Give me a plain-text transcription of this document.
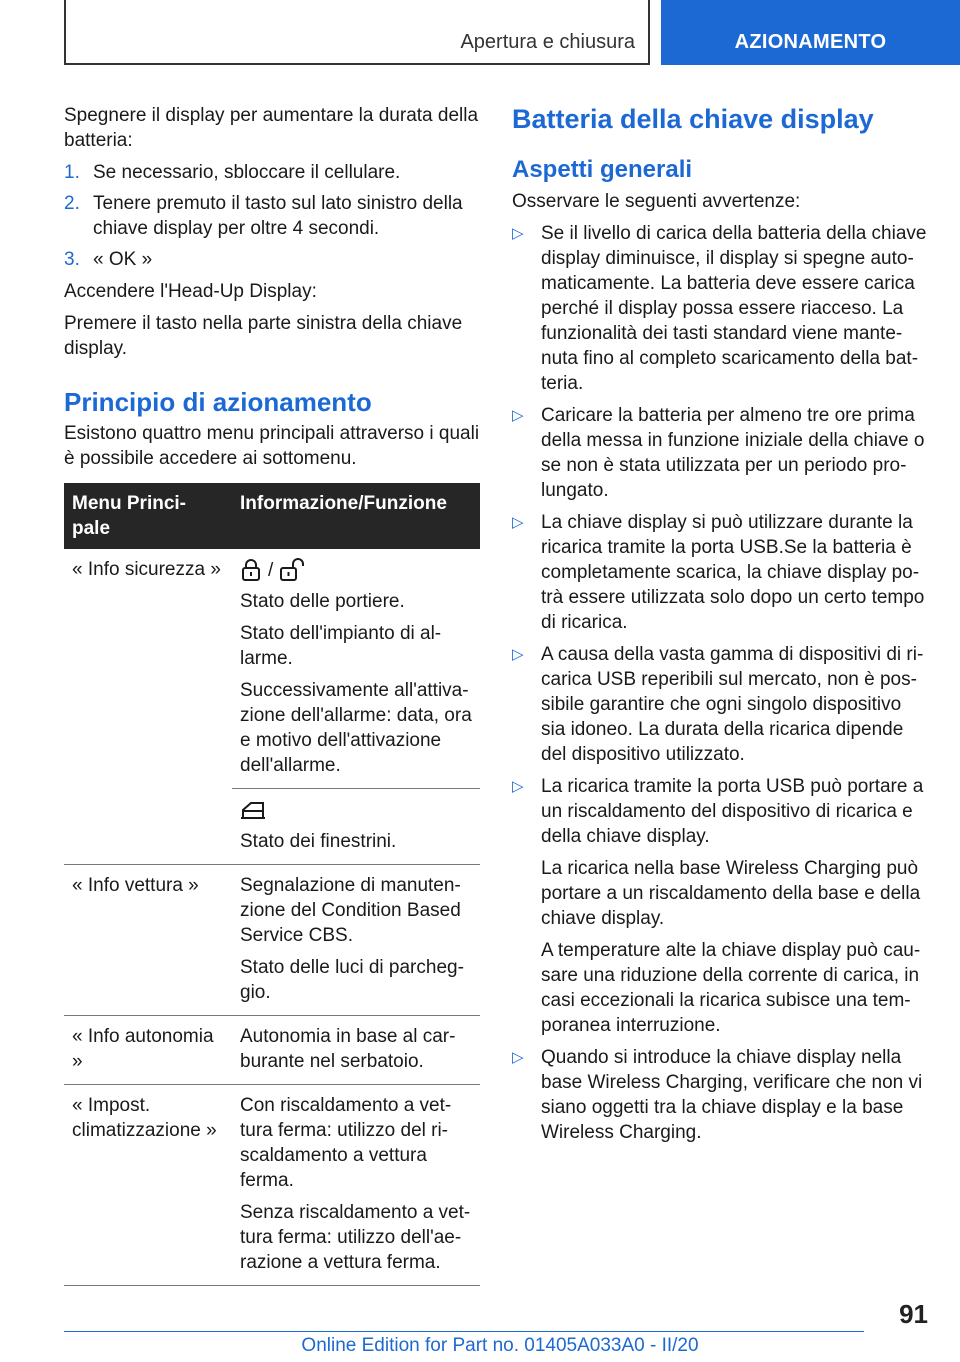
Apertura e chiusura	AZIONAMENTO

Spegnere il display per aumentare la durata della batteria:

1. Se necessario, sbloccare il cellulare.
2. Tenere premuto il tasto sul lato sinistro della chiave display per oltre 4 secondi.
3. « OK »

Accendere l'Head-Up Display:

Premere il tasto nella parte sinistra della chiave display.

Principio di azionamento

Esistono quattro menu principali attraverso i quali è possibile accedere ai sottomenu.

Menu Princi-pale	Informazione/Funzione
« Info sicurezza »	/
Stato delle portiere.
Stato dell'impianto di al-larme.
Successivamente all'attiva-zione dell'allarme: data, ora e motivo dell'attivazione dell'allarme.

	Stato dei finestrini.

« Info vettura »	Segnalazione di manuten-zione del Condition Based Service CBS.
Stato delle luci di parcheg-gio.

« Info autonomia »	Autonomia in base al car-burante nel serbatoio.

« Impost. climatizzazione »	Con riscaldamento a vet-tura ferma: utilizzo del ri-scaldamento a vettura ferma.
Senza riscaldamento a vet-tura ferma: utilizzo dell'ae-razione a vettura ferma.
Batteria della chiave display
Aspetti generali

Osservare le seguenti avvertenze:

▷ Se il livello di carica della batteria della chiave display diminuisce, il display si spegne auto-maticamente. La batteria deve essere carica perché il display possa essere riacceso. La funzionalità dei tasti standard viene mante-nuta fino al completo scaricamento della bat-teria.
▷ Caricare la batteria per almeno tre ore prima della messa in funzione iniziale della chiave o se non è stata utilizzata per un periodo pro-lungato.
▷ La chiave display si può utilizzare durante la ricarica tramite la porta USB.Se la batteria è completamente scarica, la chiave display po-trà essere utilizzata solo dopo un certo tempo di ricarica.
▷ A causa della vasta gamma di dispositivi di ri-carica USB reperibili sul mercato, non è pos-sibile garantire che ogni singolo dispositivo sia idoneo. La durata della ricarica dipende del dispositivo utilizzato.
▷ La ricarica tramite la porta USB può portare a un riscaldamento del dispositivo di ricarica e della chiave display.
La ricarica nella base Wireless Charging può portare a un riscaldamento della base e della chiave display.
A temperature alte la chiave display può cau-sare una riduzione della corrente di carica, in casi eccezionali la ricarica subisce una tem-poranea interruzione.
▷ Quando si introduce la chiave display nella base Wireless Charging, verificare che non vi siano oggetti tra la chiave display e la base Wireless Charging.
91
Online Edition for Part no. 01405A033A0 - II/20
